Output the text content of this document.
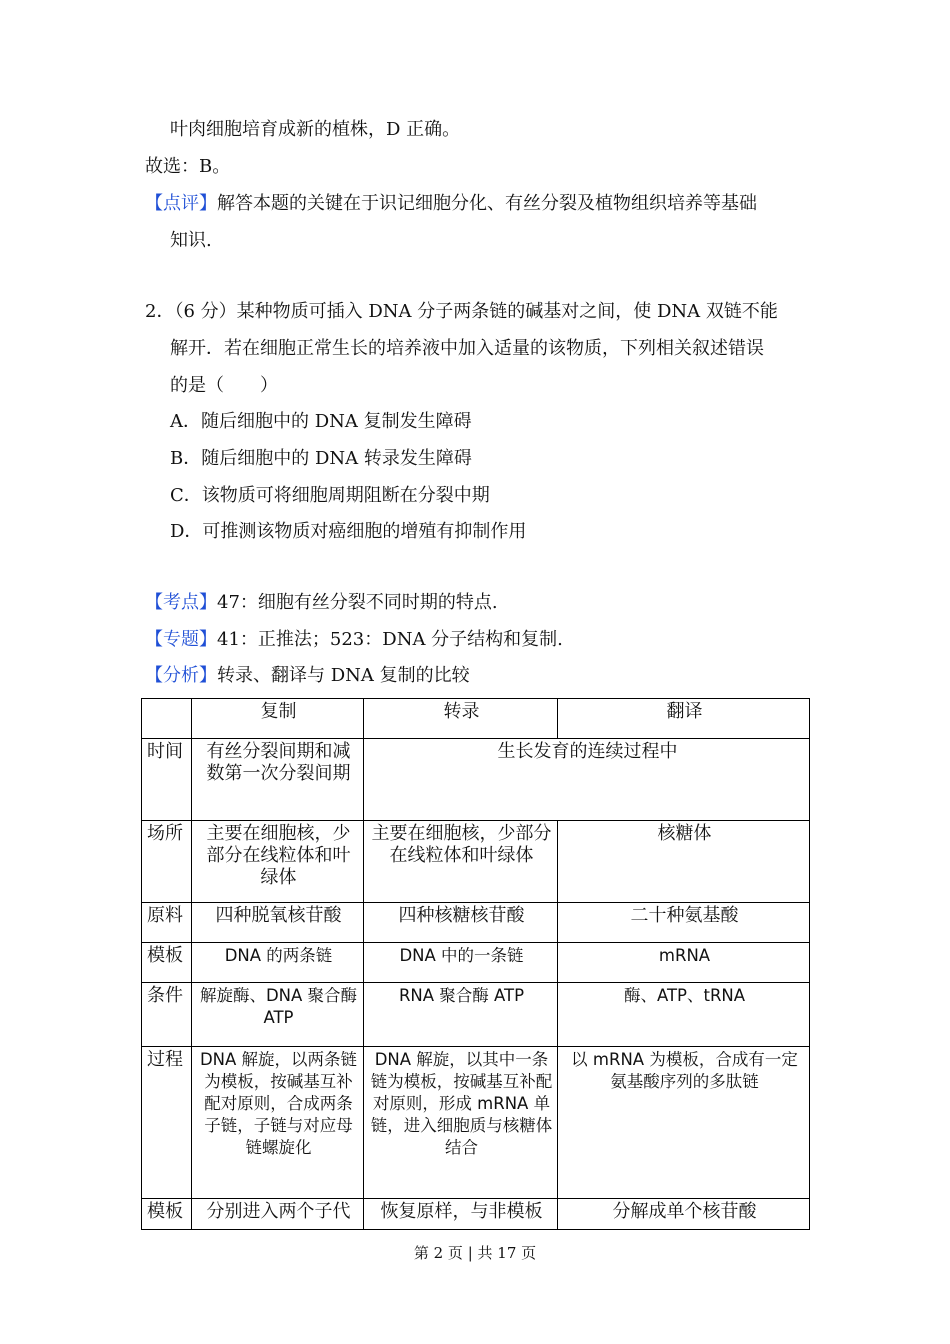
叶肉细胞培育成新的植株，D 正确。
故选：B。
【点评】解答本题的关键在于识记细胞分化、有丝分裂及植物组织培养等基础
知识.
2．（6 分）某种物质可插入 DNA 分子两条链的碱基对之间，使 DNA 双链不能
解开．若在细胞正常生长的培养液中加入适量的该物质，下列相关叙述错误
的是（　　）
A．随后细胞中的 DNA 复制发生障碍
B．随后细胞中的 DNA 转录发生障碍
C．该物质可将细胞周期阻断在分裂中期
D．可推测该物质对癌细胞的增殖有抑制作用
【考点】47：细胞有丝分裂不同时期的特点.
【专题】41：正推法；523：DNA 分子结构和复制.
【分析】转录、翻译与 DNA 复制的比较
	复制	转录	翻译
时间	有丝分裂间期和减数第一次分裂间期	生长发育的连续过程中	
场所	主要在细胞核，少部分在线粒体和叶绿体	主要在细胞核，少部分在线粒体和叶绿体	核糖体
原料	四种脱氧核苷酸	四种核糖核苷酸	二十种氨基酸
模板	DNA 的两条链	DNA 中的一条链	mRNA
条件	解旋酶、DNA 聚合酶 ATP	RNA 聚合酶 ATP	酶、ATP、tRNA
过程	DNA 解旋，以两条链为模板，按碱基互补配对原则，合成两条子链，子链与对应母链螺旋化	DNA 解旋，以其中一条链为模板，按碱基互补配对原则，形成 mRNA 单链，进入细胞质与核糖体结合	以 mRNA 为模板，合成有一定氨基酸序列的多肽链
模板	分别进入两个子代	恢复原样，与非模板	分解成单个核苷酸
第 2 页 | 共 17 页
